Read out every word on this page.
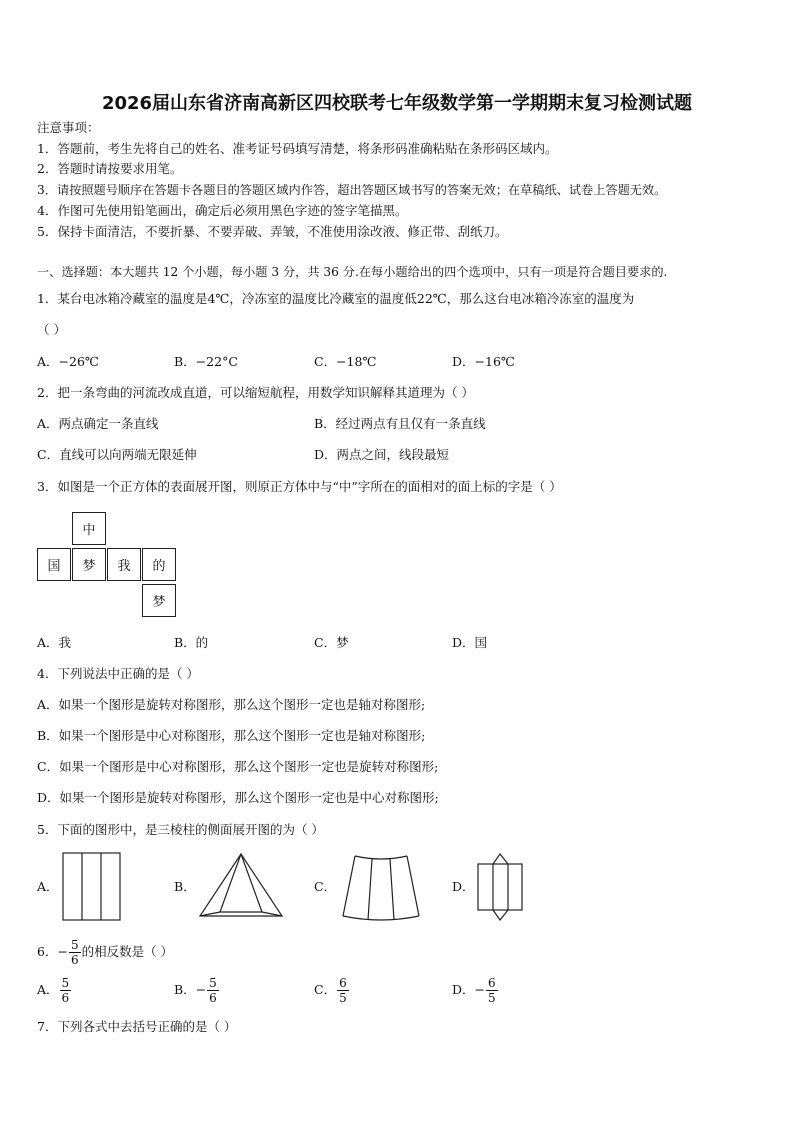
2026届山东省济南高新区四校联考七年级数学第一学期期末复习检测试题
注意事项：
1．答题前，考生先将自己的姓名、准考证号码填写清楚，将条形码准确粘贴在条形码区域内。
2．答题时请按要求用笔。
3．请按照题号顺序在答题卡各题目的答题区域内作答，超出答题区域书写的答案无效；在草稿纸、试卷上答题无效。
4．作图可先使用铅笔画出，确定后必须用黑色字迹的签字笔描黑。
5．保持卡面清洁，不要折暴、不要弄破、弄皱，不准使用涂改液、修正带、刮纸刀。
一、选择题：本大题共 12 个小题，每小题 3 分，共 36 分.在每小题给出的四个选项中，只有一项是符合题目要求的.
1．某台电冰箱冷藏室的温度是4℃，冷冻室的温度比冷藏室的温度低22℃，那么这台电冰箱冷冻室的温度为
（ ）
A．−26℃	B．−22°C	C．−18℃	D．−16℃
2．把一条弯曲的河流改成直道，可以缩短航程，用数学知识解释其道理为（ ）
A．两点确定一条直线	B．经过两点有且仅有一条直线
C．直线可以向两端无限延伸	D．两点之间，线段最短
3．如图是一个正方体的表面展开图，则原正方体中与“中”字所在的面相对的面上标的字是（ ）
中
国	梦	我	的
梦
A．我	B．的	C．梦	D．国
4．下列说法中正确的是（ ）
A．如果一个图形是旋转对称图形，那么这个图形一定也是轴对称图形;
B．如果一个图形是中心对称图形，那么这个图形一定也是轴对称图形;
C．如果一个图形是中心对称图形，那么这个图形一定也是旋转对称图形;
D．如果一个图形是旋转对称图形，那么这个图形一定也是中心对称图形;
5．下面的图形中，是三棱柱的侧面展开图的为（ ）
A．	B．	C．	D．
6．− $\frac{5}{6}$ 的相反数是（ ）
A． $\frac{5}{6}$	B．− $\frac{5}{6}$	C． $\frac{6}{5}$	D．− $\frac{6}{5}$
7．下列各式中去括号正确的是（ ）
